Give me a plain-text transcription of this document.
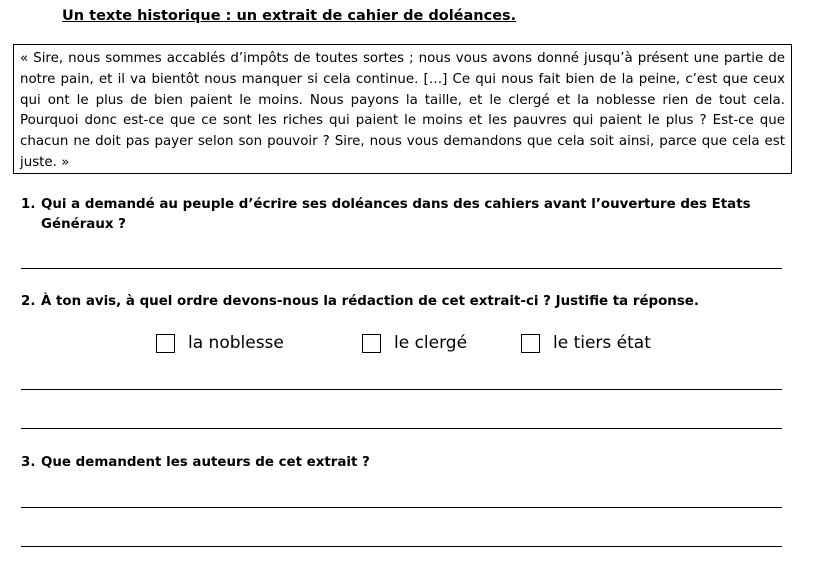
Un texte historique : un extrait de cahier de doléances.
« Sire, nous sommes accablés d’impôts de toutes sortes ; nous vous avons donné jusqu’à présent une partie de notre pain, et il va bientôt nous manquer si cela continue. […] Ce qui nous fait bien de la peine, c’est que ceux qui ont le plus de bien paient le moins. Nous payons la taille, et le clergé et la noblesse rien de tout cela. Pourquoi donc est-ce que ce sont les riches qui paient le moins et les pauvres qui paient le plus ? Est-ce que chacun ne doit pas payer selon son pouvoir ? Sire, nous vous demandons que cela soit ainsi, parce que cela est juste. »
1. Qui a demandé au peuple d’écrire ses doléances dans des cahiers avant l’ouverture des Etats
Généraux ?
2. À ton avis, à quel ordre devons-nous la rédaction de cet extrait-ci ? Justifie ta réponse.
la noblesse	le clergé	le tiers état
3. Que demandent les auteurs de cet extrait ?
